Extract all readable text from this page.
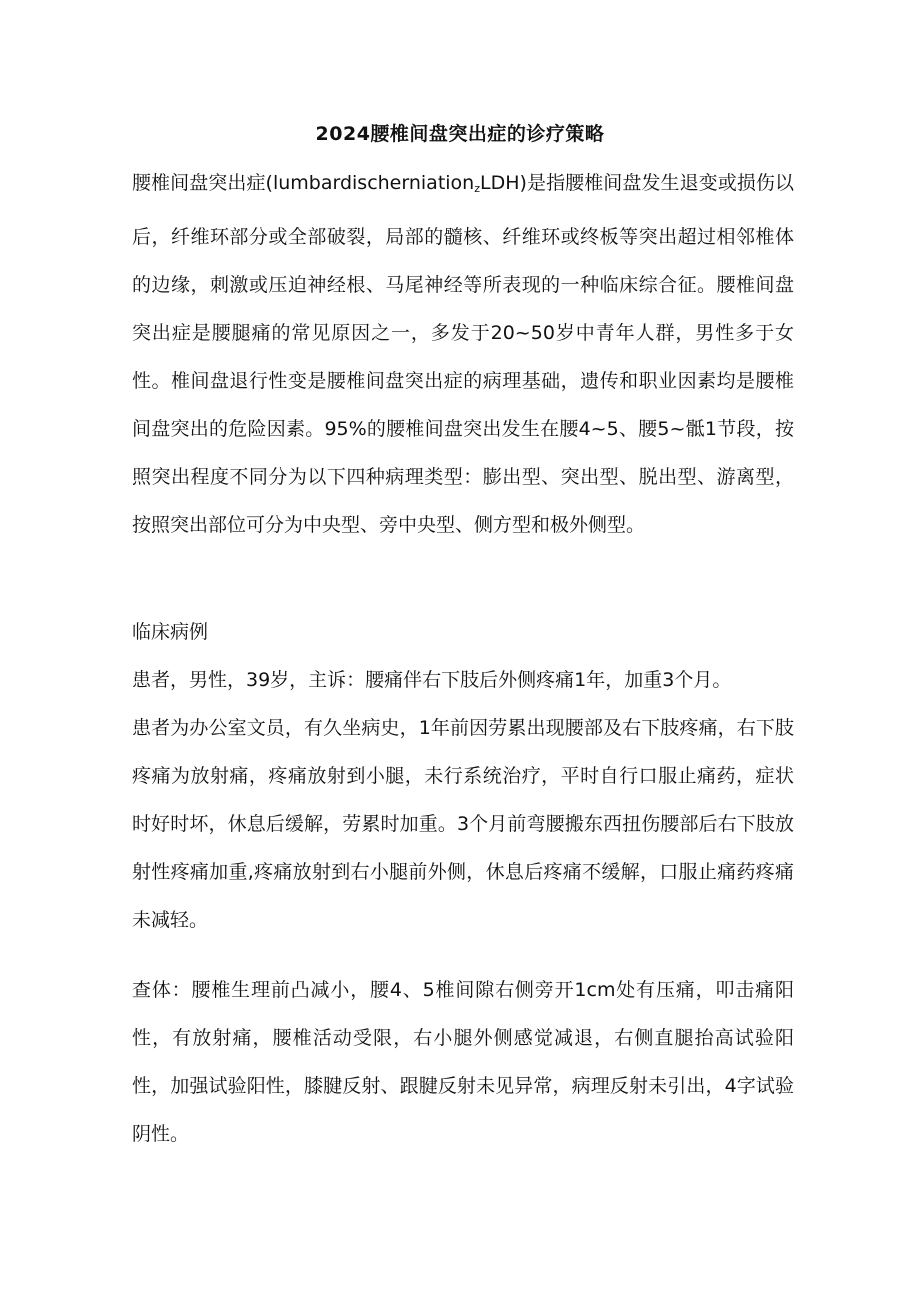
2024腰椎间盘突出症的诊疗策略

腰椎间盘突出症(lumbardischerniation$_z$LDH)是指腰椎间盘发生退变或损伤以后，纤维环部分或全部破裂，局部的髓核、纤维环或终板等突出超过相邻椎体的边缘，刺激或压迫神经根、马尾神经等所表现的一种临床综合征。腰椎间盘突出症是腰腿痛的常见原因之一，多发于20~50岁中青年人群，男性多于女性。椎间盘退行性变是腰椎间盘突出症的病理基础，遗传和职业因素均是腰椎间盘突出的危险因素。95%的腰椎间盘突出发生在腰4~5、腰5~骶1节段，按照突出程度不同分为以下四种病理类型：膨出型、突出型、脱出型、游离型，按照突出部位可分为中央型、旁中央型、侧方型和极外侧型。

临床病例

患者，男性，39岁，主诉：腰痛伴右下肢后外侧疼痛1年，加重3个月。

患者为办公室文员，有久坐病史，1年前因劳累出现腰部及右下肢疼痛，右下肢疼痛为放射痛，疼痛放射到小腿，未行系统治疗，平时自行口服止痛药，症状时好时坏，休息后缓解，劳累时加重。3个月前弯腰搬东西扭伤腰部后右下肢放射性疼痛加重,疼痛放射到右小腿前外侧，休息后疼痛不缓解，口服止痛药疼痛未减轻。

查体：腰椎生理前凸减小，腰4、5椎间隙右侧旁开1cm处有压痛，叩击痛阳性，有放射痛，腰椎活动受限，右小腿外侧感觉减退，右侧直腿抬高试验阳性，加强试验阳性，膝腱反射、跟腱反射未见异常，病理反射未引出，4字试验阴性。
